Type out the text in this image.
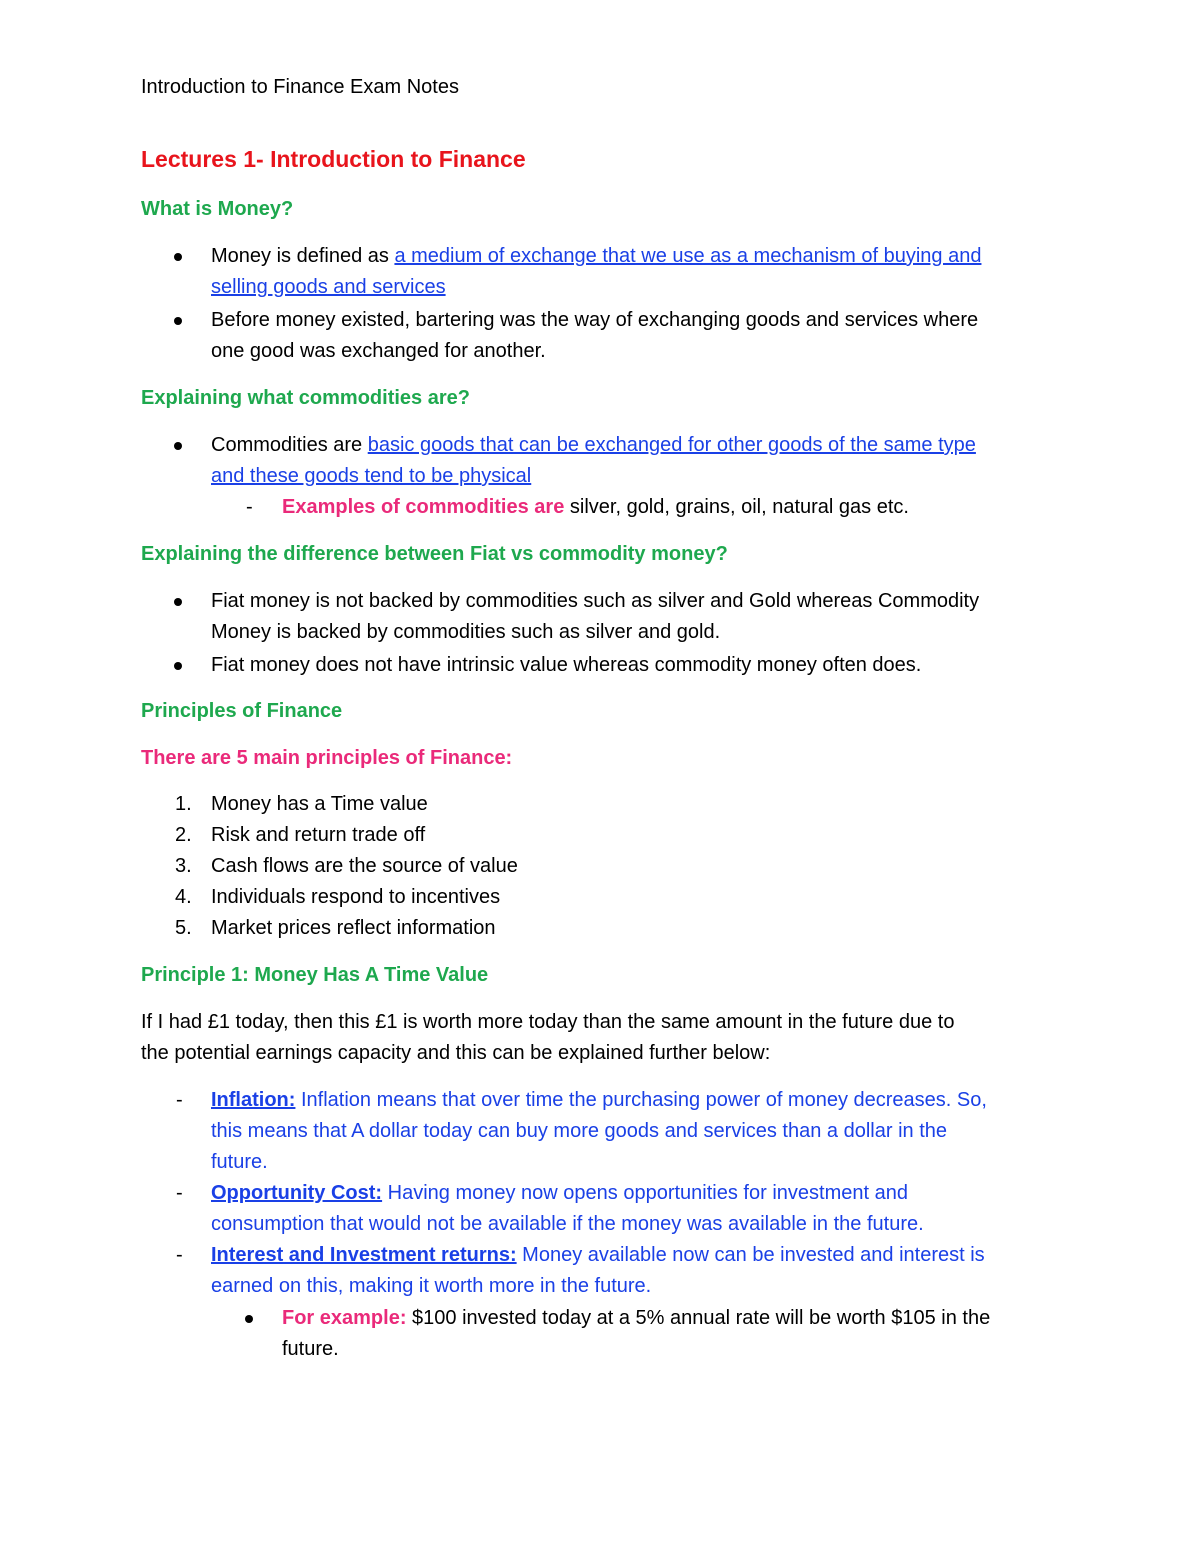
Introduction to Finance Exam Notes
Lectures 1- Introduction to Finance
What is Money?
Money is defined as a medium of exchange that we use as a mechanism of buying and
selling goods and services
Before money existed, bartering was the way of exchanging goods and services where
one good was exchanged for another.
Explaining what commodities are?
Commodities are basic goods that can be exchanged for other goods of the same type
and these goods tend to be physical
- Examples of commodities are silver, gold, grains, oil, natural gas etc.
Explaining the difference between Fiat vs commodity money?
Fiat money is not backed by commodities such as silver and Gold whereas Commodity
Money is backed by commodities such as silver and gold.
Fiat money does not have intrinsic value whereas commodity money often does.
Principles of Finance
There are 5 main principles of Finance:
1. Money has a Time value
2. Risk and return trade off
3. Cash flows are the source of value
4. Individuals respond to incentives
5. Market prices reflect information
Principle 1: Money Has A Time Value
If I had £1 today, then this £1 is worth more today than the same amount in the future due to
the potential earnings capacity and this can be explained further below:
- Inflation: Inflation means that over time the purchasing power of money decreases. So,
this means that A dollar today can buy more goods and services than a dollar in the
future.
- Opportunity Cost: Having money now opens opportunities for investment and
consumption that would not be available if the money was available in the future.
- Interest and Investment returns: Money available now can be invested and interest is
earned on this, making it worth more in the future.
For example: $100 invested today at a 5% annual rate will be worth $105 in the
future.
